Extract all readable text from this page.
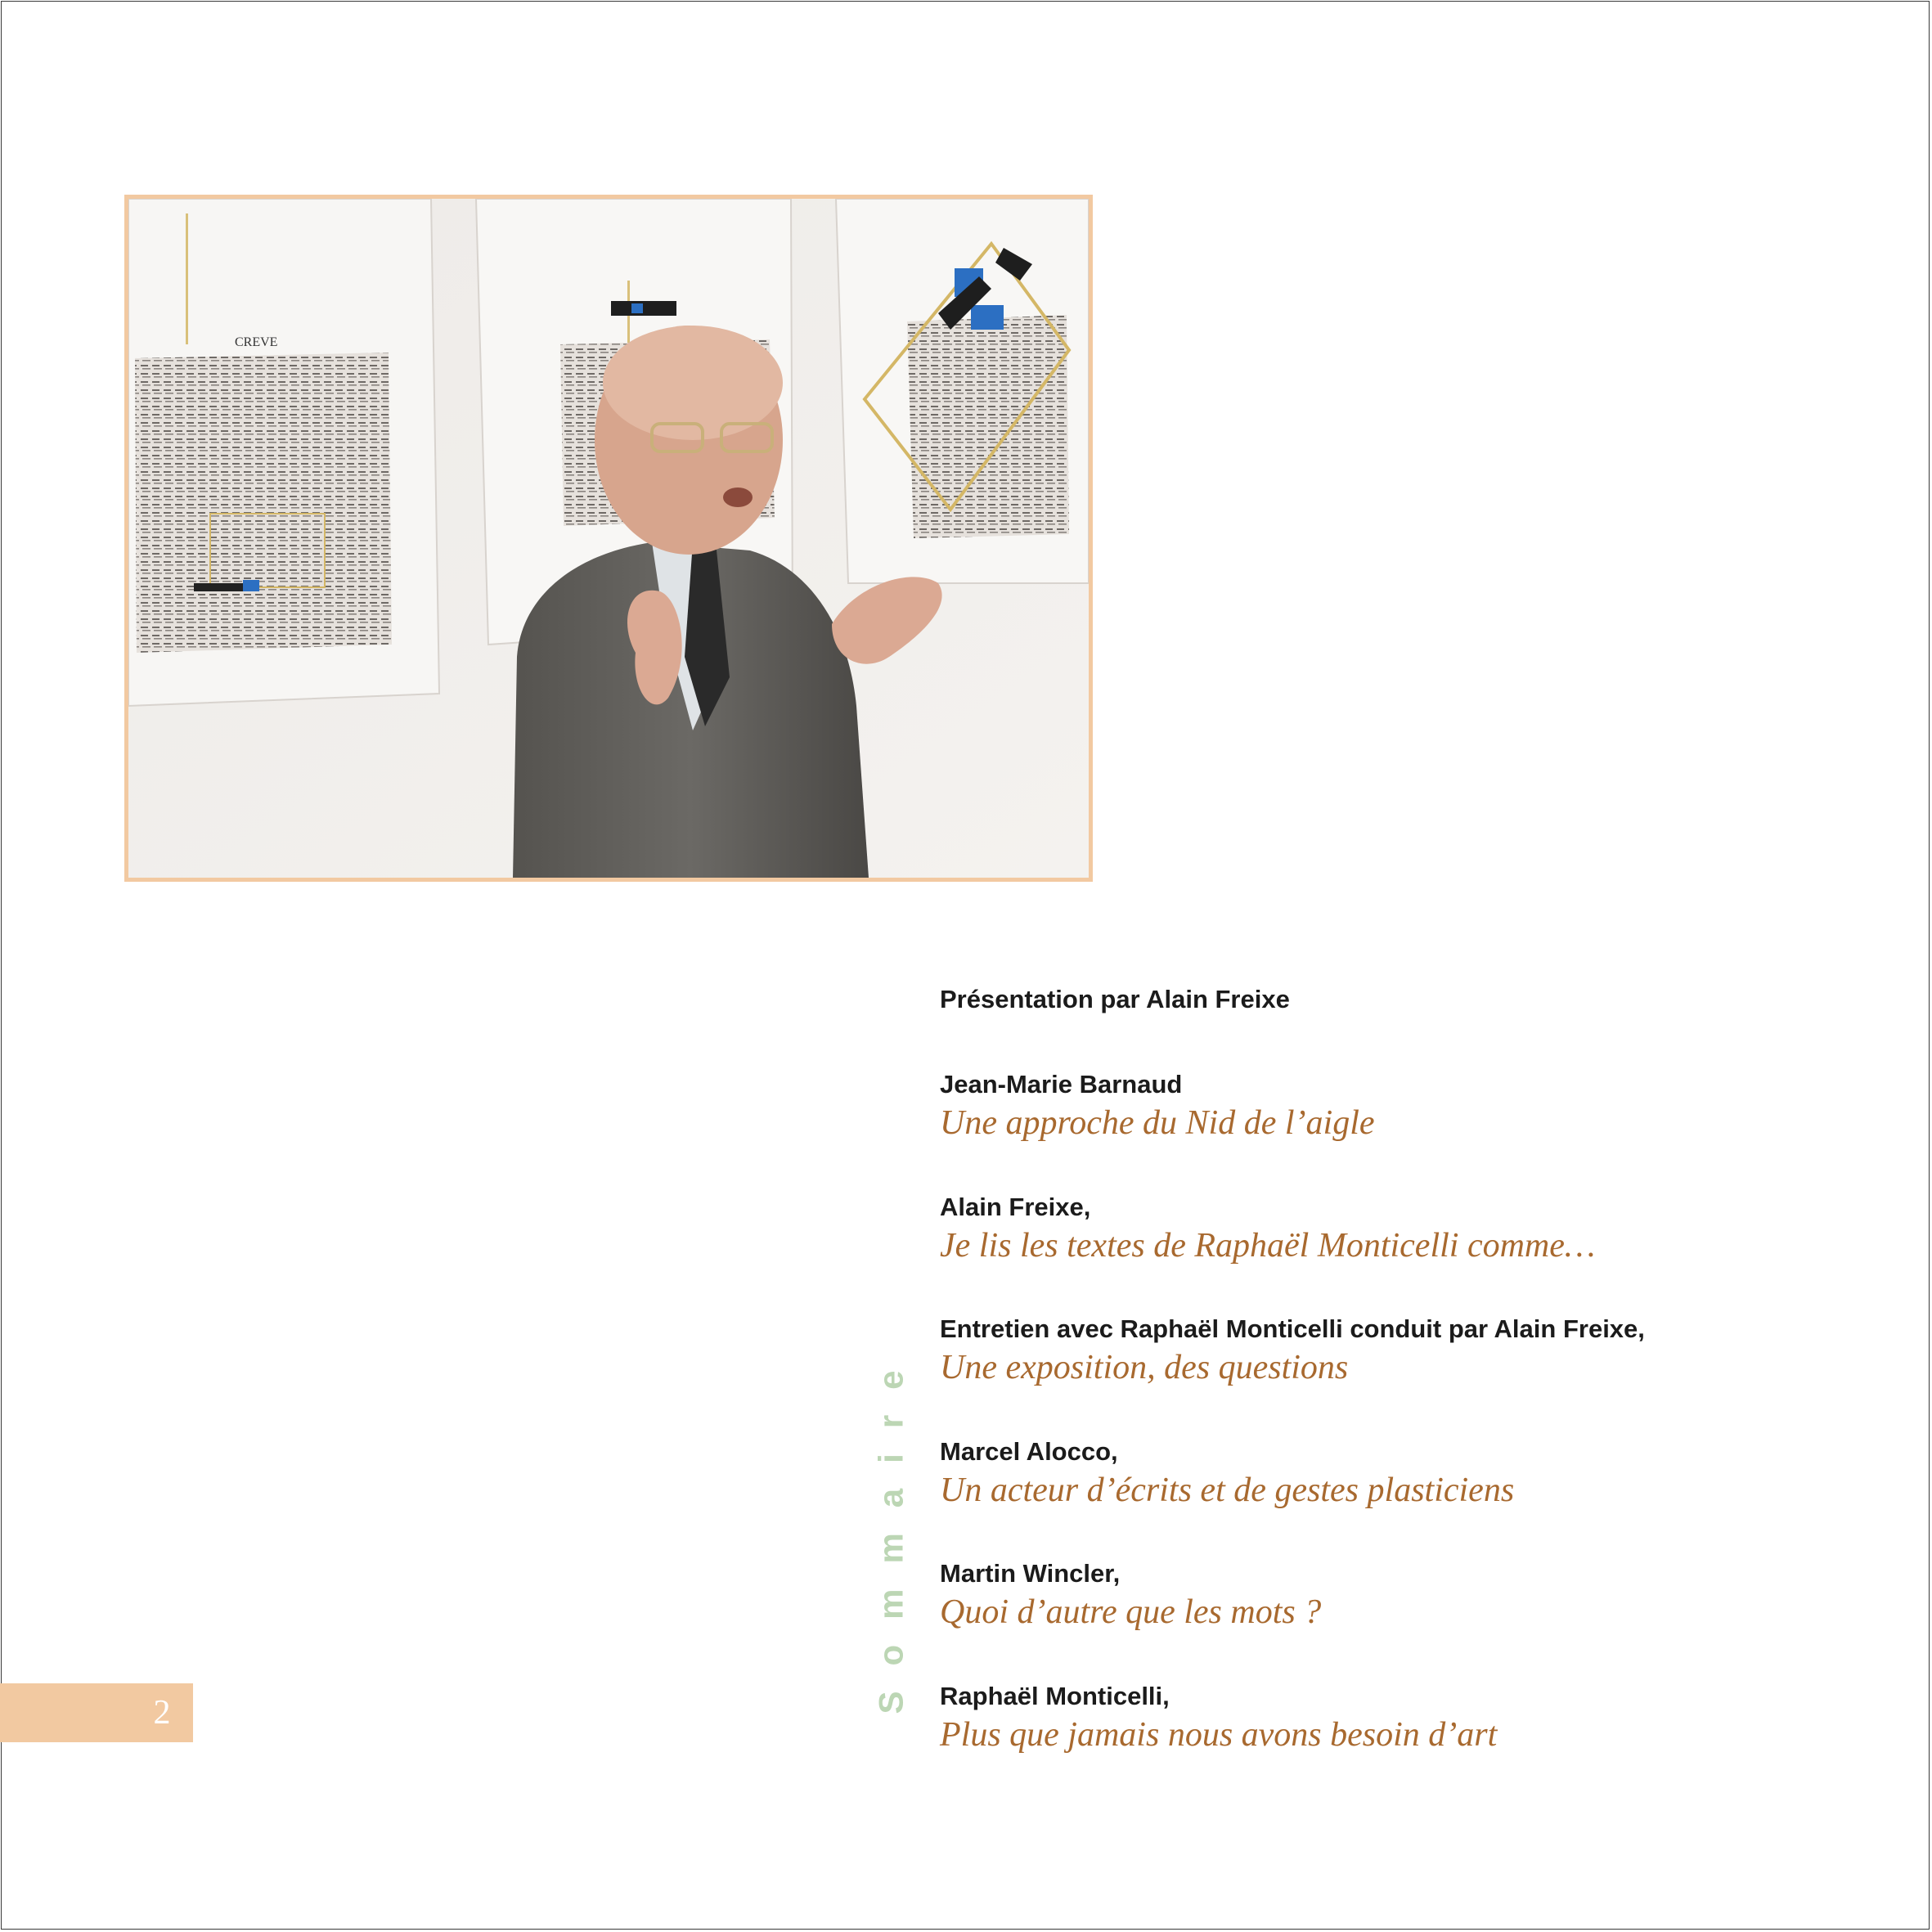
CREVE
2	Sommaire
Présentation par Alain Freixe
Jean-Marie Barnaud
Une approche du Nid de l’aigle
Alain Freixe,
Je lis les textes de Raphaël Monticelli comme…
Entretien avec Raphaël Monticelli conduit par Alain Freixe,
Une exposition, des questions
Marcel Alocco,
Un acteur d’écrits et de gestes plasticiens
Martin Wincler,
Quoi d’autre que les mots ?
Raphaël Monticelli,
Plus que jamais nous avons besoin d’art
